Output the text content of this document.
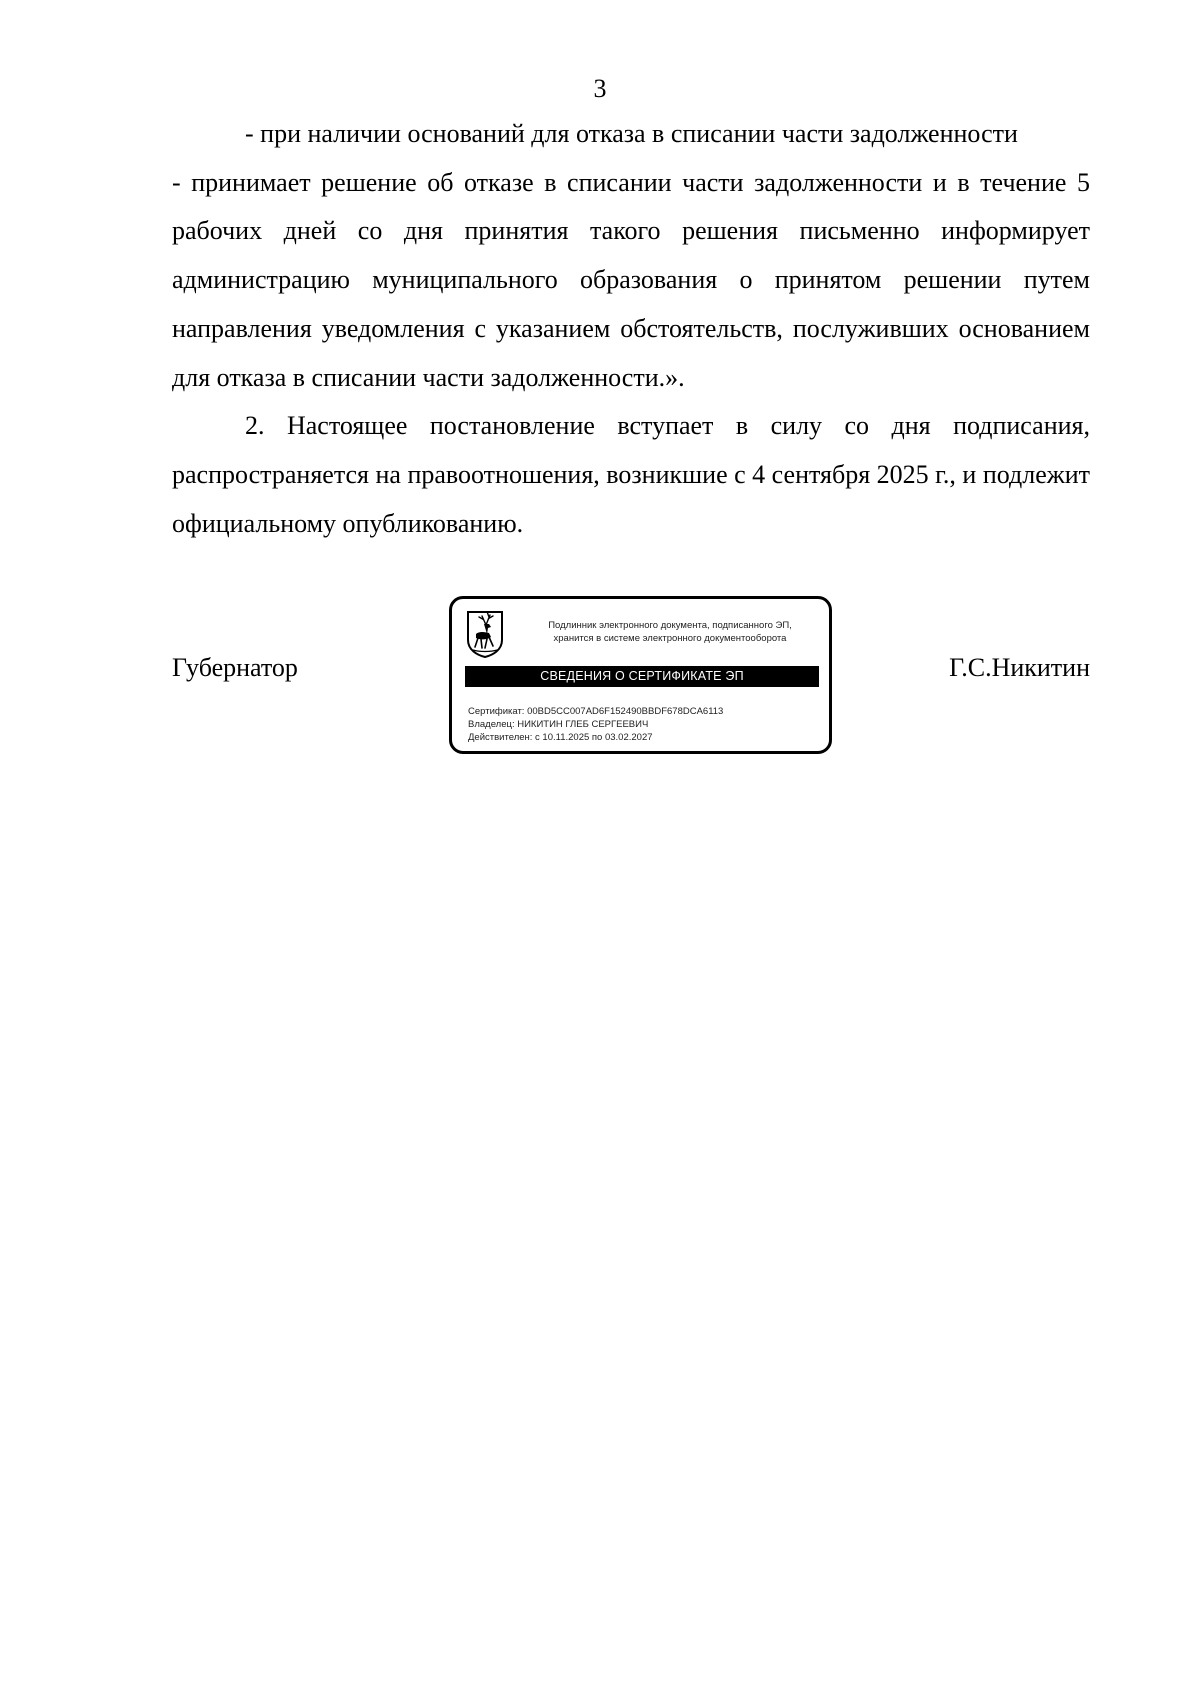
3

- при наличии оснований для отказа в списании части задолженности

- принимает решение об отказе в списании части задолженности и в течение 5 рабочих дней со дня принятия такого решения письменно информирует администрацию муниципального образования о принятом решении путем направления уведомления с указанием обстоятельств, послуживших основанием для отказа в списании части задолженности.».

2. Настоящее постановление вступает в силу со дня подписания, распространяется на правоотношения, возникшие с 4 сентября 2025 г., и подлежит официальному опубликованию.

Губернатор	Г.С.Никитин
Подлинник электронного документа, подписанного ЭП,
хранится в системе электронного документооборота
СВЕДЕНИЯ О СЕРТИФИКАТЕ ЭП
Сертификат: 00BD5CC007AD6F152490BBDF678DCA6113
Владелец: НИКИТИН ГЛЕБ СЕРГЕЕВИЧ
Действителен: с 10.11.2025 по 03.02.2027
